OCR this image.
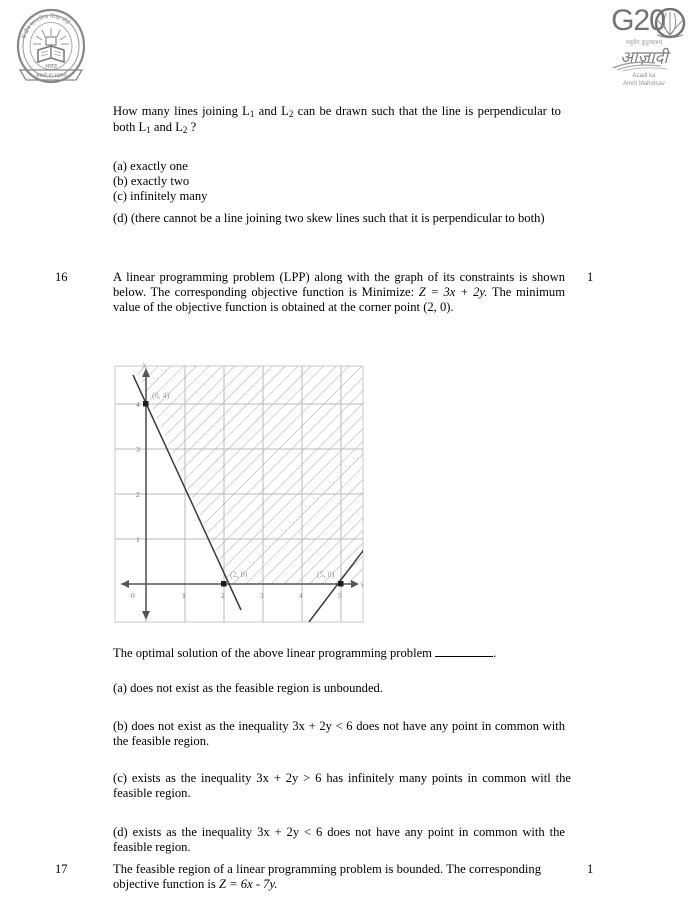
केन्द्रीय माध्यमिक शिक्षा बोर्ड
भारत
असतो मा सद्गमय
G20
वसुधैव कुटुम्बकम्
आज़ादी
Azadi ka
Amrit Mahotsav
How many lines joining $L_1$ and $L_2$ can be drawn such that the line is perpendicular to both $L_1$ and $L_2$ ?
(a) exactly one
(b) exactly two
(c) infinitely many
(d) (there cannot be a line joining two skew lines such that it is perpendicular to both)
16	1
A linear programming problem (LPP) along with the graph of its constraints is shown below. The corresponding objective function is Minimize: Z = 3x + 2y. The minimum value of the objective function is obtained at the corner point (2, 0).
x
y
0	1	2	3	4	5
1
2
3
4
(0, 4)
(2, 0)	(5, 0)
The optimal solution of the above linear programming problem	.
(a) does not exist as the feasible region is unbounded.
(b) does not exist as the inequality 3x + 2y < 6 does not have any point in common with the feasible region.
(c) exists as the inequality 3x + 2y > 6 has infinitely many points in common witl the feasible region.
(d) exists as the inequality 3x + 2y < 6 does not have any point in common with the feasible region.
17	1
The feasible region of a linear programming problem is bounded. The corresponding objective function is Z = 6x - 7y.
